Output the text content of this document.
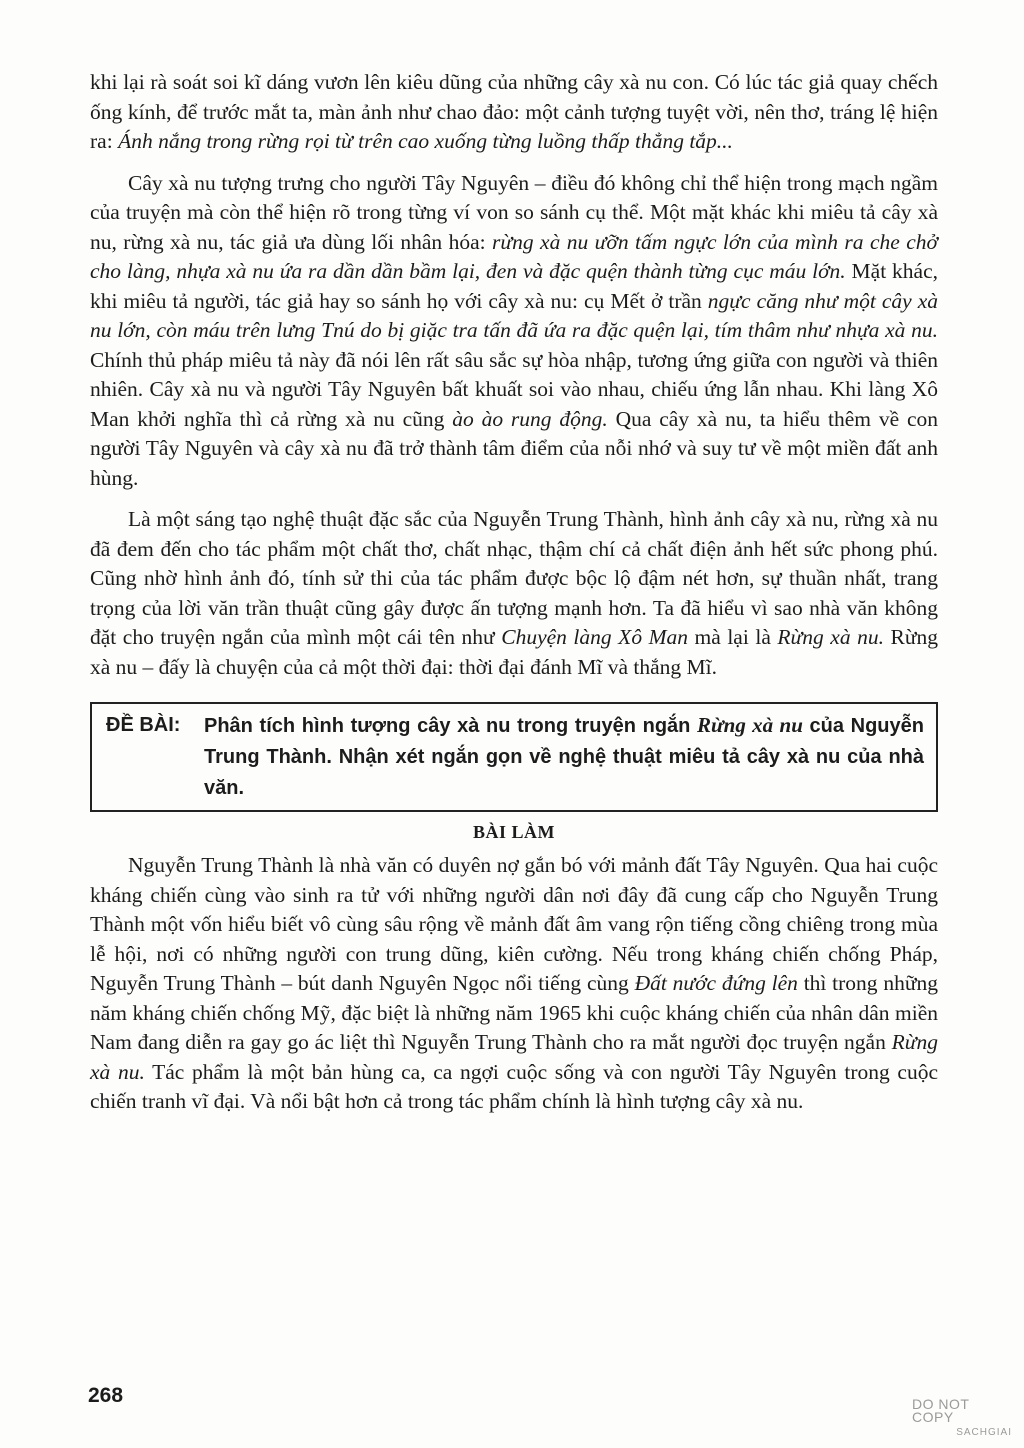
khi lại rà soát soi kĩ dáng vươn lên kiêu dũng của những cây xà nu con. Có lúc tác giả quay chếch ống kính, để trước mắt ta, màn ảnh như chao đảo: một cảnh tượng tuyệt vời, nên thơ, tráng lệ hiện ra: Ánh nắng trong rừng rọi từ trên cao xuống từng luồng thấp thẳng tắp...

Cây xà nu tượng trưng cho người Tây Nguyên – điều đó không chỉ thể hiện trong mạch ngầm của truyện mà còn thể hiện rõ trong từng ví von so sánh cụ thể. Một mặt khác khi miêu tả cây xà nu, rừng xà nu, tác giả ưa dùng lối nhân hóa: rừng xà nu ưỡn tấm ngực lớn của mình ra che chở cho làng, nhựa xà nu ứa ra dần dần bầm lại, đen và đặc quện thành từng cục máu lớn. Mặt khác, khi miêu tả người, tác giả hay so sánh họ với cây xà nu: cụ Mết ở trần ngực căng như một cây xà nu lớn, còn máu trên lưng Tnú do bị giặc tra tấn đã ứa ra đặc quện lại, tím thâm như nhựa xà nu. Chính thủ pháp miêu tả này đã nói lên rất sâu sắc sự hòa nhập, tương ứng giữa con người và thiên nhiên. Cây xà nu và người Tây Nguyên bất khuất soi vào nhau, chiếu ứng lẫn nhau. Khi làng Xô Man khởi nghĩa thì cả rừng xà nu cũng ào ào rung động. Qua cây xà nu, ta hiểu thêm về con người Tây Nguyên và cây xà nu đã trở thành tâm điểm của nỗi nhớ và suy tư về một miền đất anh hùng.

Là một sáng tạo nghệ thuật đặc sắc của Nguyễn Trung Thành, hình ảnh cây xà nu, rừng xà nu đã đem đến cho tác phẩm một chất thơ, chất nhạc, thậm chí cả chất điện ảnh hết sức phong phú. Cũng nhờ hình ảnh đó, tính sử thi của tác phẩm được bộc lộ đậm nét hơn, sự thuần nhất, trang trọng của lời văn trần thuật cũng gây được ấn tượng mạnh hơn. Ta đã hiểu vì sao nhà văn không đặt cho truyện ngắn của mình một cái tên như Chuyện làng Xô Man mà lại là Rừng xà nu. Rừng xà nu – đấy là chuyện của cả một thời đại: thời đại đánh Mĩ và thắng Mĩ.

ĐỀ BÀI:	Phân tích hình tượng cây xà nu trong truyện ngắn Rừng xà nu của Nguyễn Trung Thành. Nhận xét ngắn gọn về nghệ thuật miêu tả cây xà nu của nhà văn.
BÀI LÀM

Nguyễn Trung Thành là nhà văn có duyên nợ gắn bó với mảnh đất Tây Nguyên. Qua hai cuộc kháng chiến cùng vào sinh ra tử với những người dân nơi đây đã cung cấp cho Nguyễn Trung Thành một vốn hiểu biết vô cùng sâu rộng về mảnh đất âm vang rộn tiếng cồng chiêng trong mùa lễ hội, nơi có những người con trung dũng, kiên cường. Nếu trong kháng chiến chống Pháp, Nguyễn Trung Thành – bút danh Nguyên Ngọc nổi tiếng cùng Đất nước đứng lên thì trong những năm kháng chiến chống Mỹ, đặc biệt là những năm 1965 khi cuộc kháng chiến của nhân dân miền Nam đang diễn ra gay go ác liệt thì Nguyễn Trung Thành cho ra mắt người đọc truyện ngắn Rừng xà nu. Tác phẩm là một bản hùng ca, ca ngợi cuộc sống và con người Tây Nguyên trong cuộc chiến tranh vĩ đại. Và nổi bật hơn cả trong tác phẩm chính là hình tượng cây xà nu.

268	DO NOT COPY
SACHGIAI
